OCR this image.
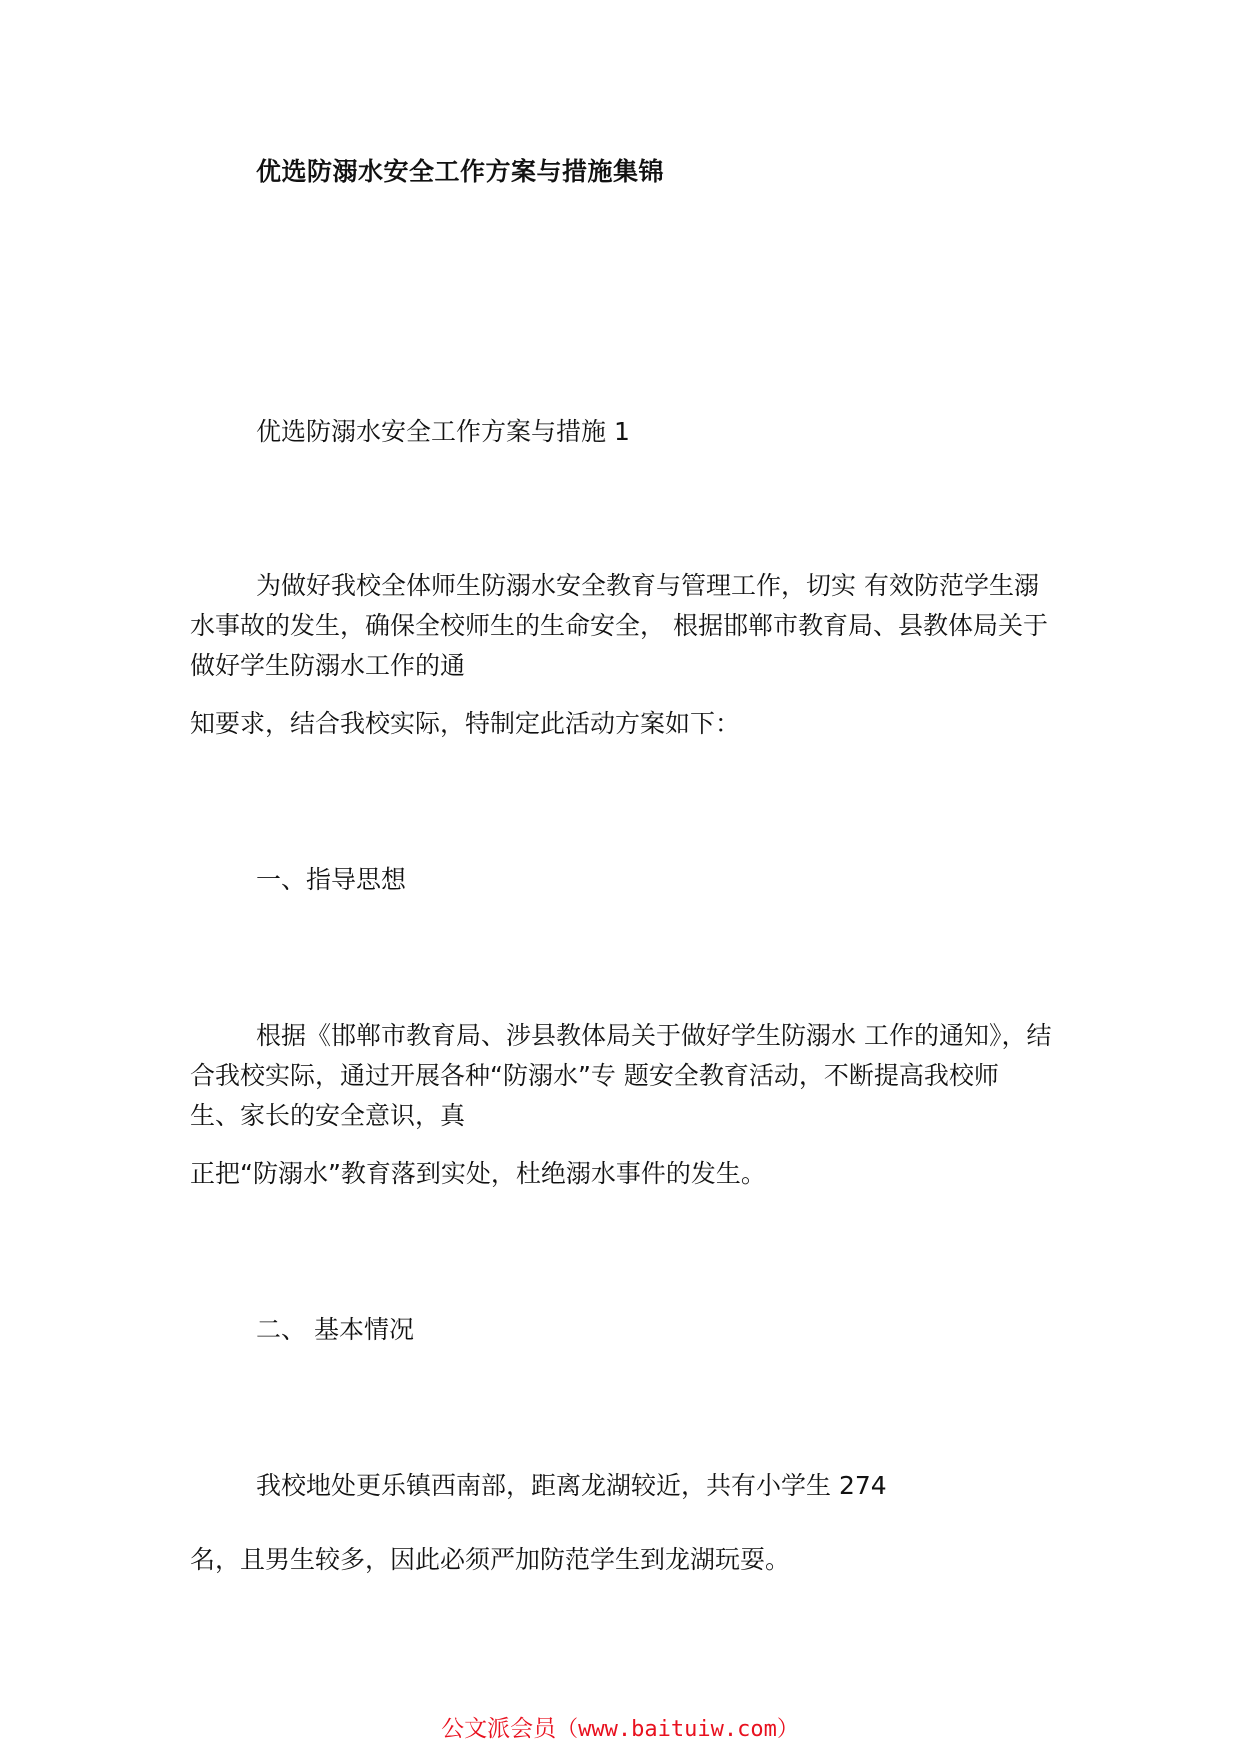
优选防溺水安全工作方案与措施集锦
优选防溺水安全工作方案与措施 1
为做好我校全体师生防溺水安全教育与管理工作，切实 有效防范学生溺
水事故的发生，确保全校师生的生命安全， 根据邯郸市教育局、县教体局关于
做好学生防溺水工作的通
知要求，结合我校实际，特制定此活动方案如下：
一、指导思想
根据《邯郸市教育局、涉县教体局关于做好学生防溺水 工作的通知》，结
合我校实际，通过开展各种“防溺水”专 题安全教育活动，不断提高我校师
生、家长的安全意识，真
正把“防溺水”教育落到实处，杜绝溺水事件的发生。
二、 基本情况
我校地处更乐镇西南部，距离龙湖较近，共有小学生 274
名，且男生较多，因此必须严加防范学生到龙湖玩耍。
公文派会员（www.baituiw.com）
